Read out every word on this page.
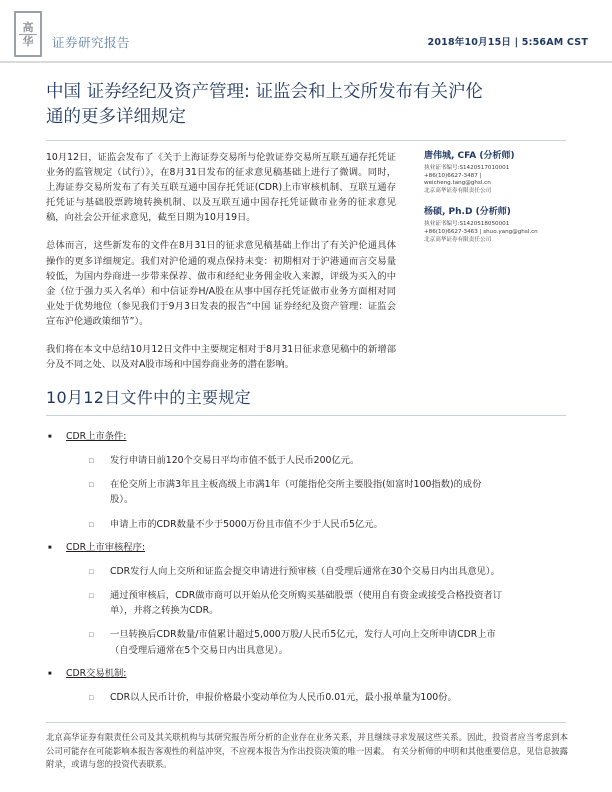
高
华 证券研究报告	2018年10月15日 | 5:56AM CST
中国 证券经纪及资产管理: 证监会和上交所发布有关沪伦
通的更多详细规定

10月12日，证监会发布了《关于上海证券交易所与伦敦证券交易所互联互通存托凭证业务的监管规定（试行）》，在8月31日发布的征求意见稿基础上进行了微调。同时，上海证券交易所发布了有关互联互通中国存托凭证(CDR)上市审核机制、互联互通存托凭证与基础股票跨境转换机制、以及互联互通中国存托凭证做市业务的征求意见稿，向社会公开征求意见，截至日期为10月19日。

总体而言，这些新发布的文件在8月31日的征求意见稿基础上作出了有关沪伦通具体操作的更多详细规定。我们对沪伦通的观点保持未变：初期相对于沪港通而言交易量较低，为国内券商进一步带来保荐、做市和经纪业务佣金收入来源，评级为买入的中金（位于强力买入名单）和中信证券H/A股在从事中国存托凭证做市业务方面相对同业处于优势地位（参见我们于9月3日发表的报告“中国 证券经纪及资产管理：证监会宣布沪伦通政策细节”）。

我们将在本文中总结10月12日文件中主要规定相对于8月31日征求意见稿中的新增部分及不同之处、以及对A股市场和中国券商业务的潜在影响。

唐伟城, CFA (分析师)
执业证书编号:S1420517010001
+86(10)6627-3487 |
weicheng.tang@ghsl.cn
北京高华证券有限责任公司
杨硕, Ph.D (分析师)
执业证书编号:S1420518050001
+86(10)6627-3463 | shuo.yang@ghsl.cn
北京高华证券有限责任公司
10月12日文件中的主要规定
■	CDR上市条件:
□	发行申请日前120个交易日平均市值不低于人民币200亿元。
□	在伦交所上市满3年且主板高级上市满1年（可能指伦交所主要股指(如富时100指数)的成份股）。
□	申请上市的CDR数量不少于5000万份且市值不少于人民币5亿元。
■	CDR上市审核程序:
□	CDR发行人向上交所和证监会提交申请进行预审核（自受理后通常在30个交易日内出具意见）。
□	通过预审核后，CDR做市商可以开始从伦交所购买基础股票（使用自有资金或接受合格投资者订单），并将之转换为CDR。
□	一旦转换后CDR数量/市值累计超过5,000万股/人民币5亿元，发行人可向上交所申请CDR上市（自受理后通常在5个交易日内出具意见）。
■	CDR交易机制:
□	CDR以人民币计价，申报价格最小变动单位为人民币0.01元，最小报单量为100份。

北京高华证券有限责任公司及其关联机构与其研究报告所分析的企业存在业务关系，并且继续寻求发展这些关系。因此，投资者应当考虑到本公司可能存在可能影响本报告客观性的利益冲突，不应视本报告为作出投资决策的唯一因素。 有关分析师的申明和其他重要信息，见信息披露附录，或请与您的投资代表联系。
